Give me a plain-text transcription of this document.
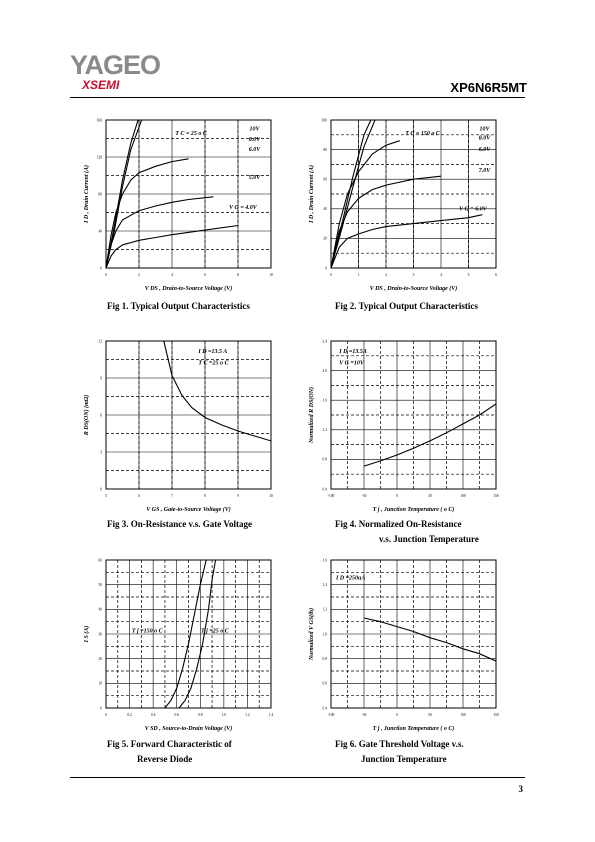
YAGEO
XSEMI	XP6N6R5MT
0	2	4	6	8	10
0
40
80
120
160
V DS , Drain-to-Source Voltage (V)
I D , Drain Current (A)
T C = 25 o C
10V
8.0V
6.0V
5.0V
V G = 4.0V
0	1	2	3	4	5	6
0
20
40
60
80
100
V DS , Drain-to-Source Voltage (V)
I D , Drain Current (A)
T C = 150 o C
10V
8.0V
6.0V
7.0V
V G = 6.0V
5	6	7	8	9	10
0
3
6
9
12
V GS , Gate-to-Source Voltage (V)
R DS(ON) (mΩ)
I D =13.5 A
T C =25 o C
-100	-50	0	50	100	150
0.4
0.8
1.2
1.6
2.0
2.4
T j , Junction Temperature ( o C)
Normalized R DS(ON)
I D =13.5A
V G =10V
0	0.2	0.4	0.6	0.8	1.0	1.2	1.4
0
10
20
30
40
50
60
V SD , Source-to-Drain Voltage (V)
I S (A)	T j =150 o C	T j =25 o C
-100	-50	0	50	100	150
0.4
0.6
0.8
1.0
1.2
1.4
1.6
T j , Junction Temperature ( o C)
Normalized V GS(th)
I D =250uA
Fig 1. Typical Output Characteristics	Fig 2. Typical Output Characteristics
Fig 3. On-Resistance v.s. Gate Voltage	Fig 4. Normalized On-Resistance
v.s. Junction Temperature
Fig 5. Forward Characteristic of
Reverse Diode
Fig 6. Gate Threshold Voltage v.s.
Junction Temperature
3
